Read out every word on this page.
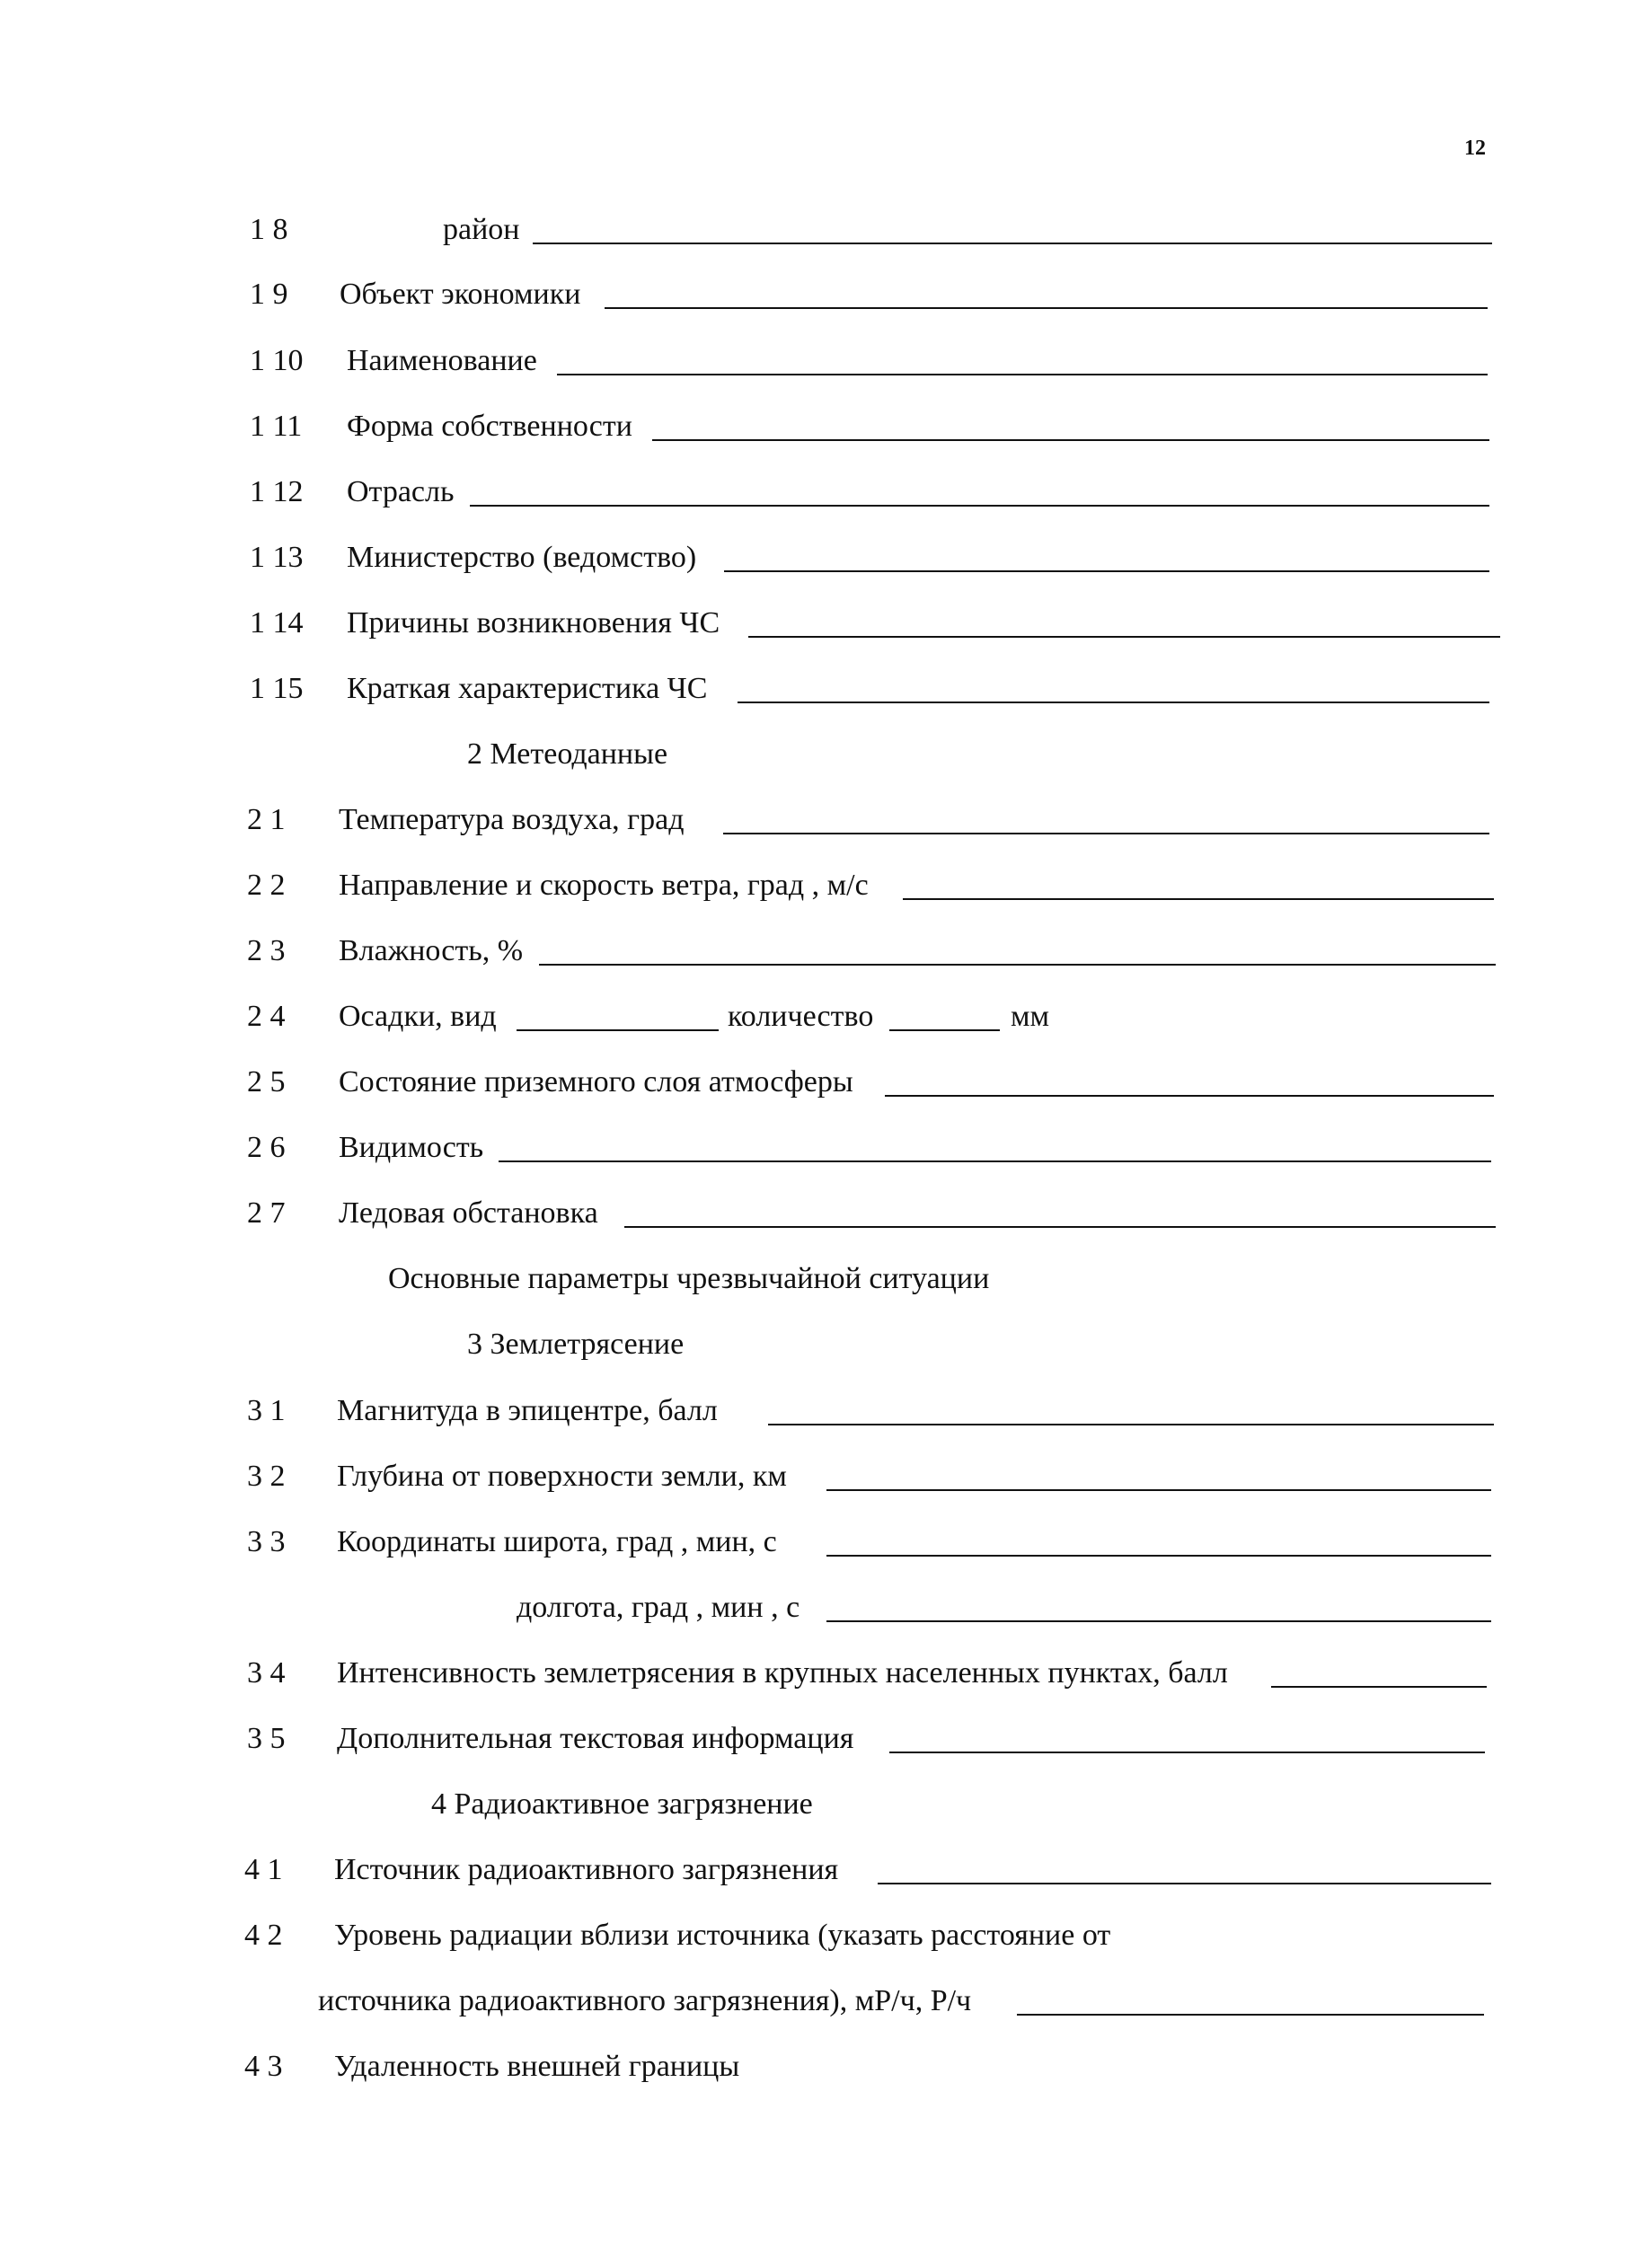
12
1 8	район
1 9 Объект экономики
1 10 Наименование
1 11 Форма собственности
1 12 Отрасль
1 13 Министерство (ведомство)
1 14 Причины возникновения ЧС
1 15 Краткая характеристика ЧС
2 Метеоданные
2 1 Температура воздуха, град
2 2 Направление и скорость ветра, град , м/с
2 3 Влажность, %
2 4 Осадки, вид	количество	мм
2 5 Состояние приземного слоя атмосферы
2 6 Видимость
2 7 Ледовая обстановка
Основные параметры чрезвычайной ситуации
3 Землетрясение
3 1 Магнитуда в эпицентре, балл
3 2 Глубина от поверхности земли, км
3 3 Координаты широта, град , мин, с
долгота, град , мин , с
3 4 Интенсивность землетрясения в крупных населенных пунктах, балл
3 5 Дополнительная текстовая информация
4 Радиоактивное загрязнение
4 1 Источник радиоактивного загрязнения
4 2 Уровень радиации вблизи источника (указать расстояние от
источника радиоактивного загрязнения), мР/ч, Р/ч
4 3 Удаленность внешней границы
